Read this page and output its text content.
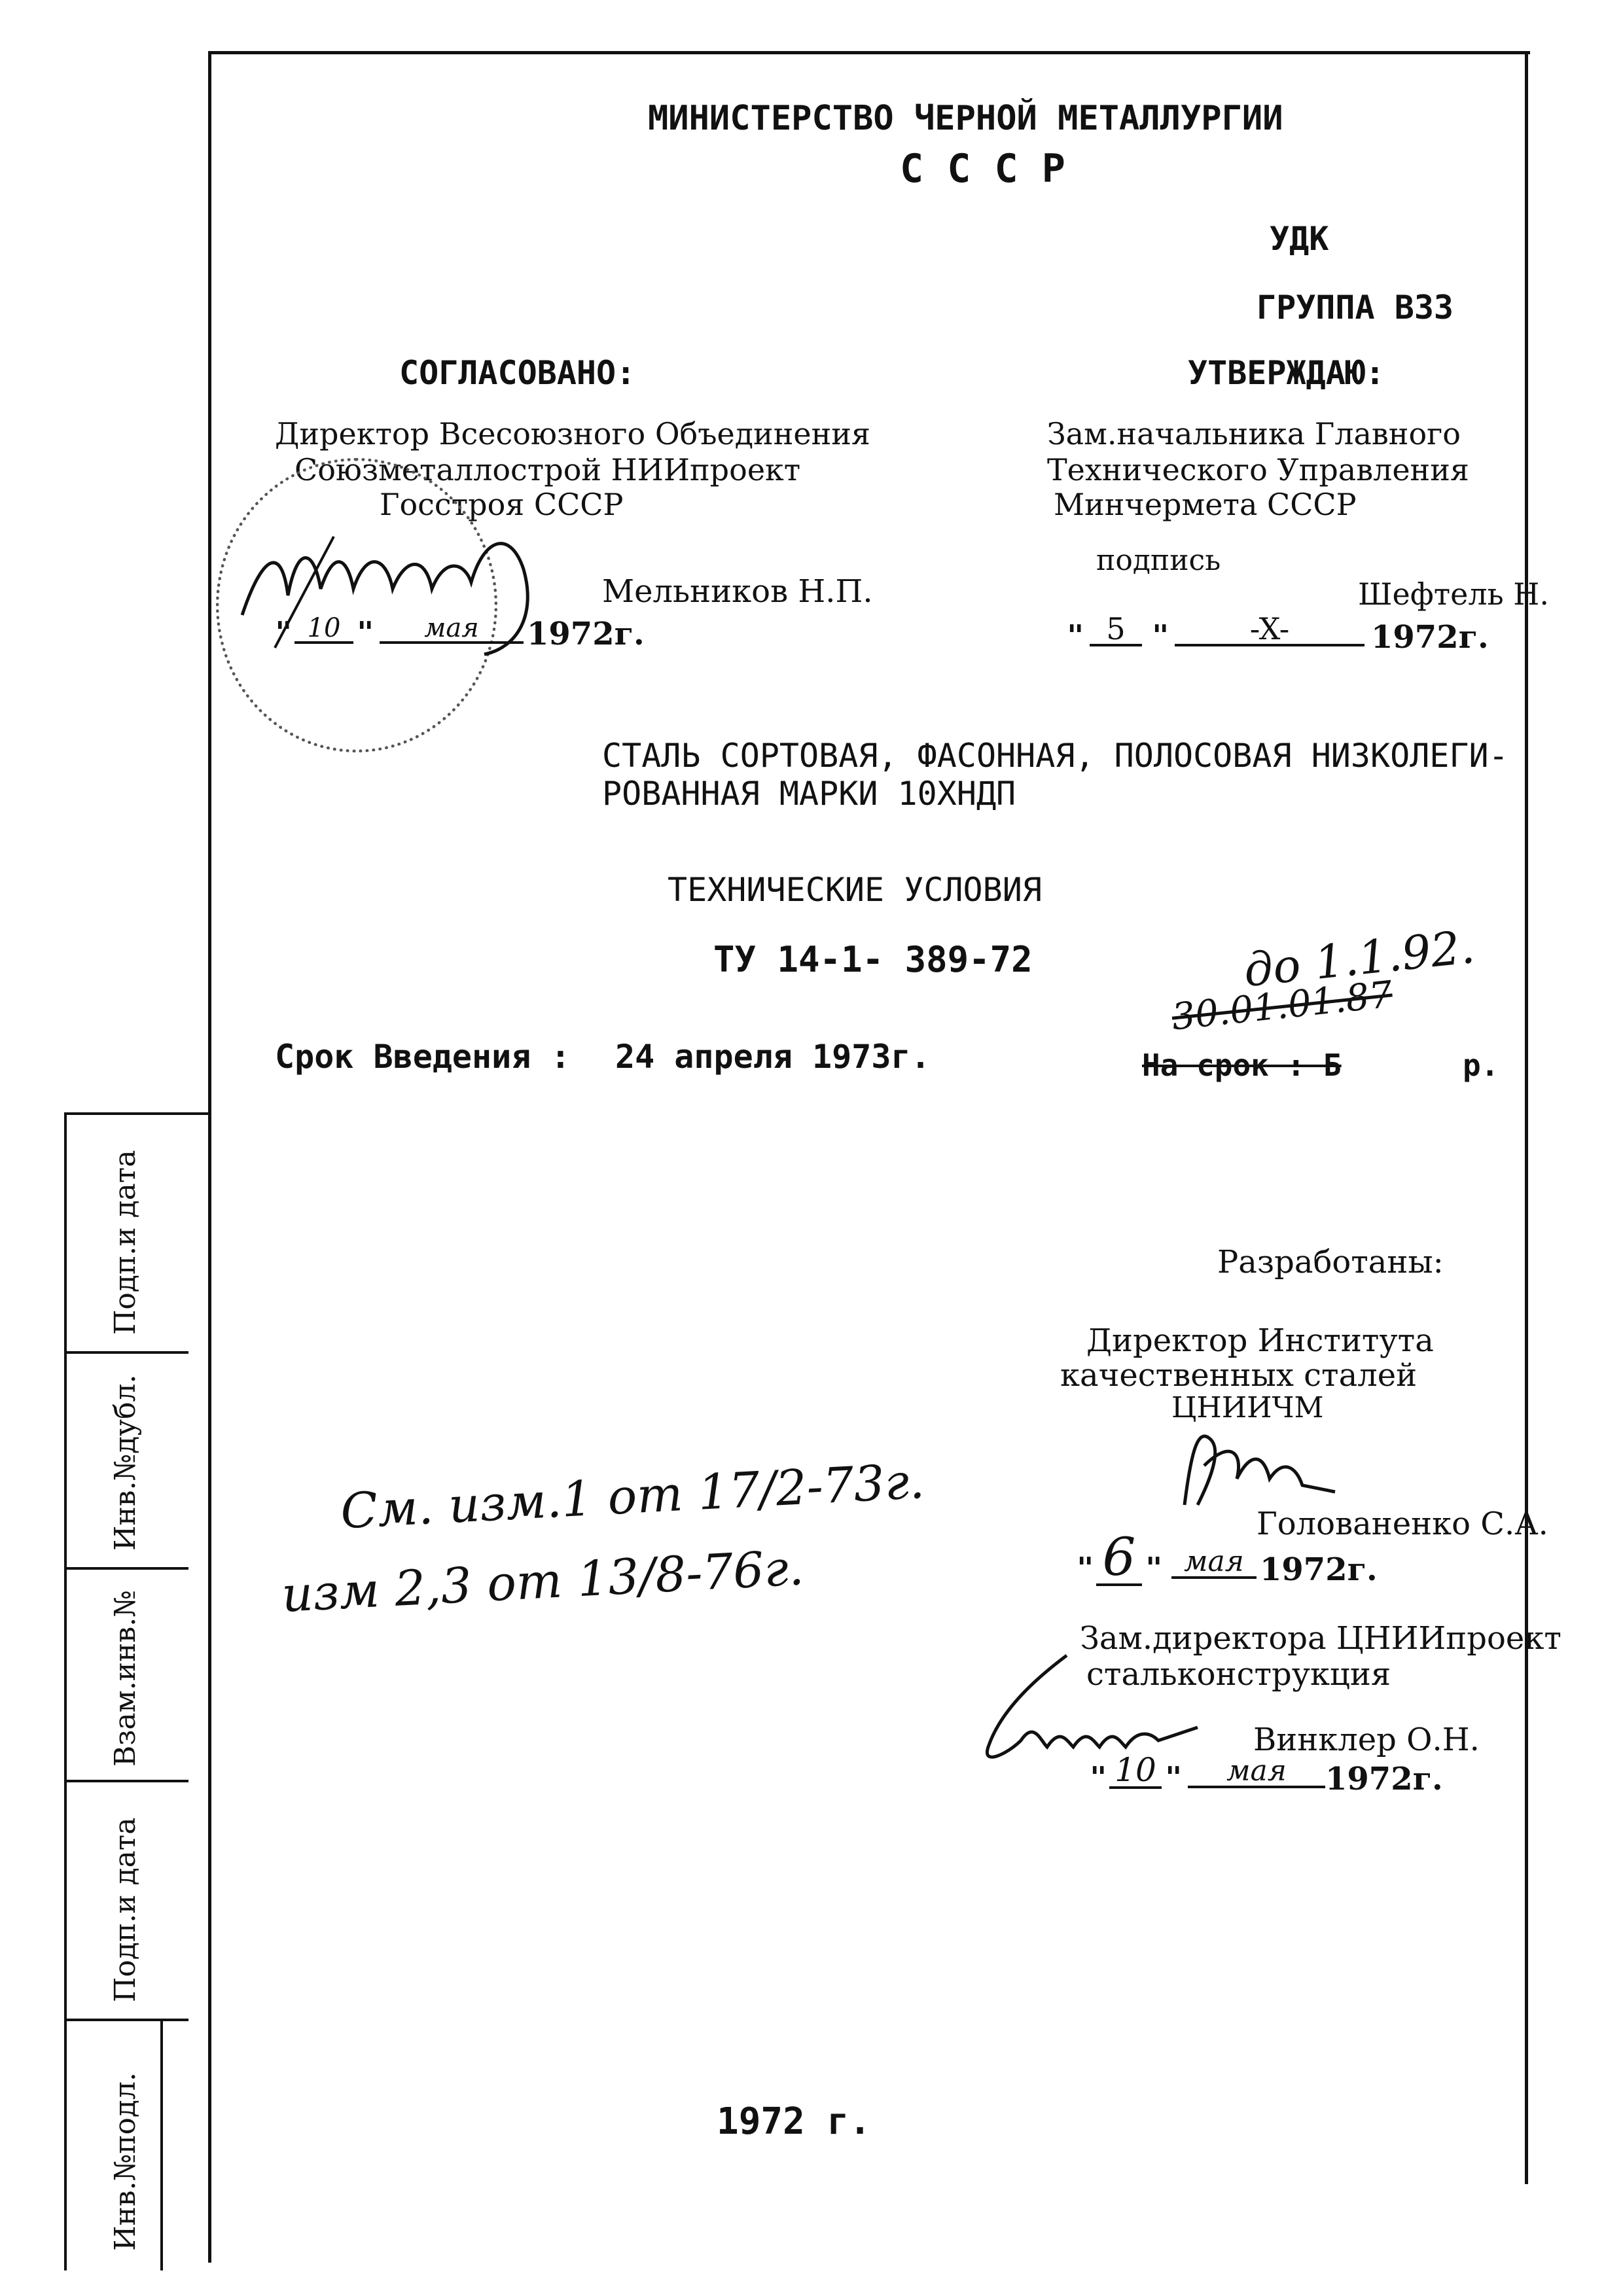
Подп.и дата
Инв.№дубл.
Взам.инв.№
Подп.и дата
Инв.№подл.
МИНИСТЕРСТВО ЧЕРНОЙ МЕТАЛЛУРГИИ
С С С Р
УДК
ГРУППА В33
СОГЛАСОВАНО:
Директор Всесоюзного Объединения
Союзметаллострой НИИпроект
Госстроя СССР
Мельников Н.П.
" 10 "	мая	1972г.
УТВЕРЖДАЮ:
Зам.начальника Главного
Технического Управления
Минчермета СССР
подпись
Шефтель Н.
" 5 "	-X-	1972г.
СТАЛЬ СОРТОВАЯ, ФАСОННАЯ, ПОЛОСОВАЯ НИЗКОЛЕГИ-
РОВАННАЯ МАРКИ 10ХНДП
ТЕХНИЧЕСКИЕ УСЛОВИЯ
ТУ 14-1- 389-72
Срок Введения : 24 апреля 1973г.
до 1.1.92.
30.01.01.87
На срок : Б	р.
Разработаны:
Директор Института
качественных сталей
ЦНИИЧМ
Голованенко С.А.
" 6 " мая 1972г.
Зам.директора ЦНИИпроект
стальконструкция
Винклер О.Н.
" 10 "	мая	1972г.
См. изм.1 от 17/2-73г.
изм 2,3 от 13/8-76г.
1972 г.
